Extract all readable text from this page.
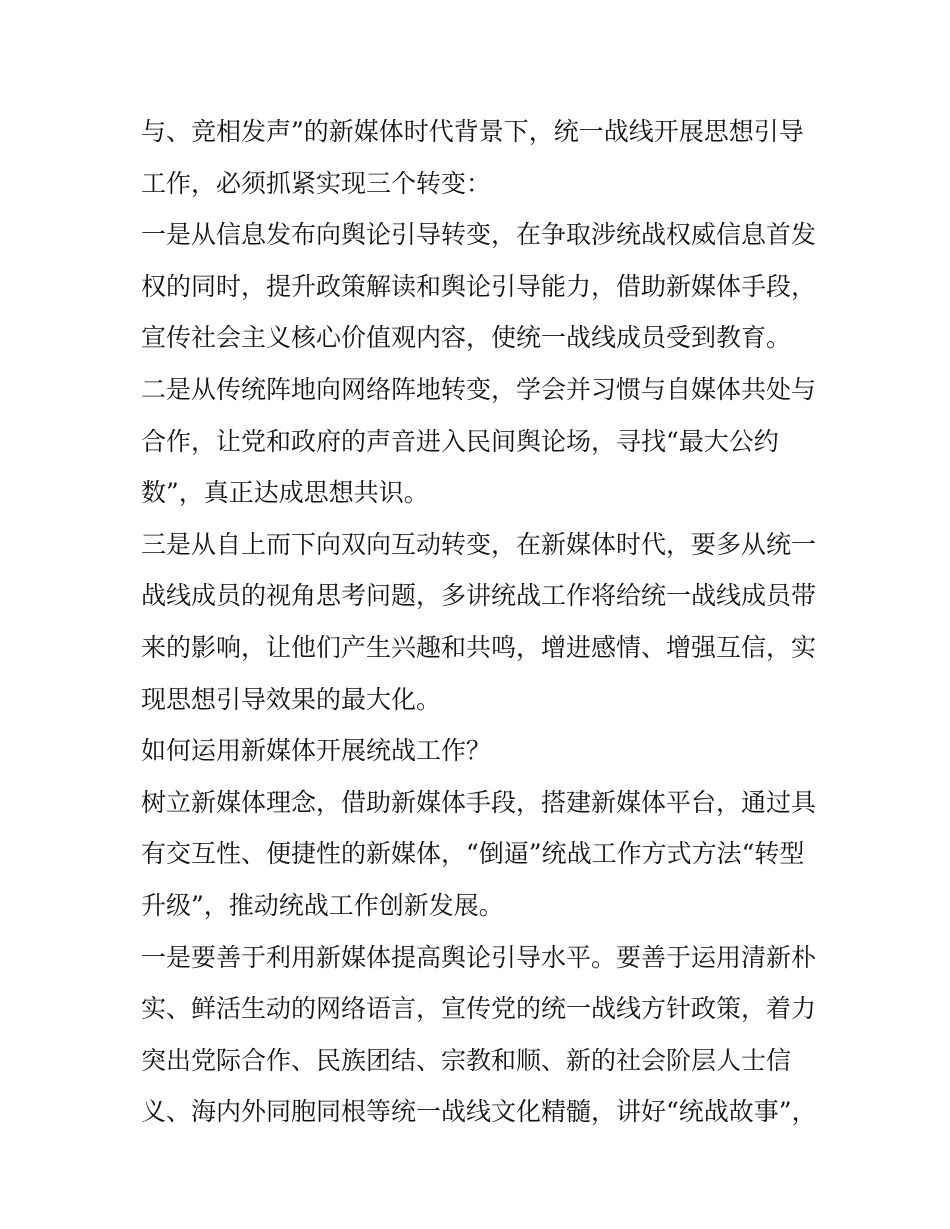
与、竞相发声”的新媒体时代背景下，统一战线开展思想引导
工作，必须抓紧实现三个转变：
一是从信息发布向舆论引导转变，在争取涉统战权威信息首发
权的同时，提升政策解读和舆论引导能力，借助新媒体手段，
宣传社会主义核心价值观内容，使统一战线成员受到教育。
二是从传统阵地向网络阵地转变，学会并习惯与自媒体共处与
合作，让党和政府的声音进入民间舆论场，寻找“最大公约
数”，真正达成思想共识。
三是从自上而下向双向互动转变，在新媒体时代，要多从统一
战线成员的视角思考问题，多讲统战工作将给统一战线成员带
来的影响，让他们产生兴趣和共鸣，增进感情、增强互信，实
现思想引导效果的最大化。
如何运用新媒体开展统战工作？
树立新媒体理念，借助新媒体手段，搭建新媒体平台，通过具
有交互性、便捷性的新媒体，“倒逼”统战工作方式方法“转型
升级”，推动统战工作创新发展。
一是要善于利用新媒体提高舆论引导水平。要善于运用清新朴
实、鲜活生动的网络语言，宣传党的统一战线方针政策，着力
突出党际合作、民族团结、宗教和顺、新的社会阶层人士信
义、海内外同胞同根等统一战线文化精髓，讲好“统战故事”，
